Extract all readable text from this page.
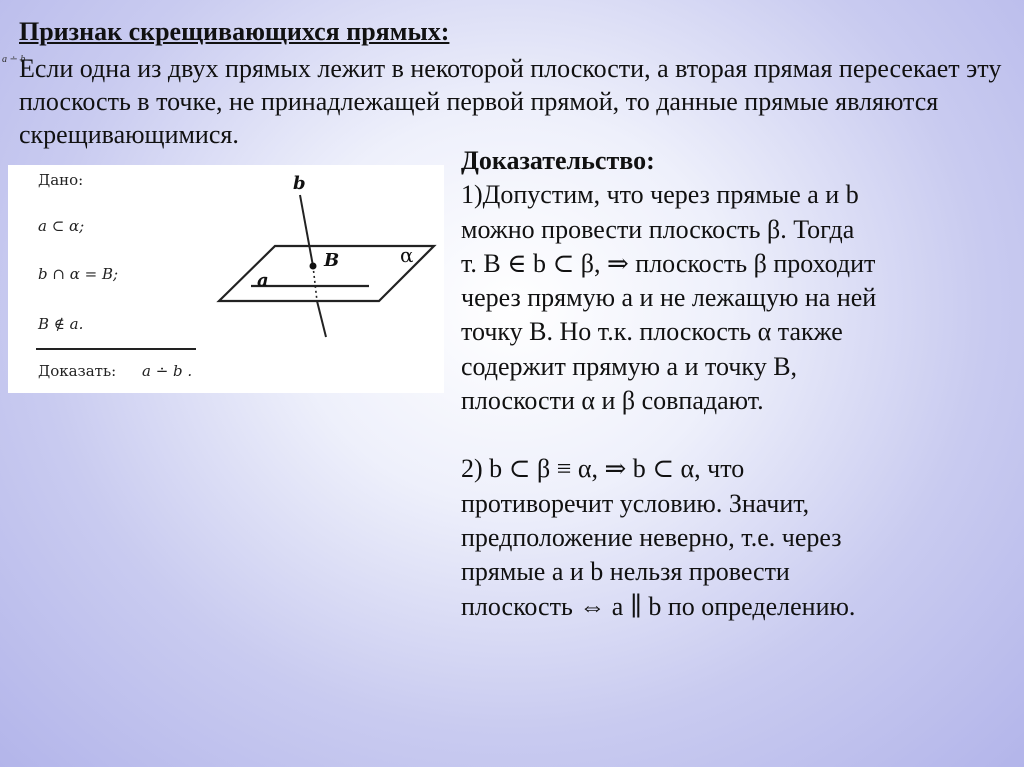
Признак скрещивающихся прямых:
a ∸ b

Если одна из двух прямых лежит в некоторой плоскости, а вторая прямая пересекает эту плоскость в точке, не принадлежащей первой прямой, то данные прямые являются скрещивающимися.

Дано:
a ⊂ α;
b ∩ α = B;
B ∉ a.
Доказать: a ∸ b .
b
B	α
a

Доказательство:

1)Допустим, что через прямые a и b

можно провести плоскость β. Тогда

т. B ∈ b ⊂ β, ⇒ плоскость β проходит

через прямую a и не лежащую на ней

точку B. Но т.к. плоскость α также

содержит прямую a и точку B,

плоскости α и β совпадают.

2) b ⊂ β ≡ α, ⇒ b ⊂ α, что

противоречит условию. Значит,

предположение неверно, т.е. через

прямые a и b нельзя провести

плоскость ⇔ a ∥ b по определению.
